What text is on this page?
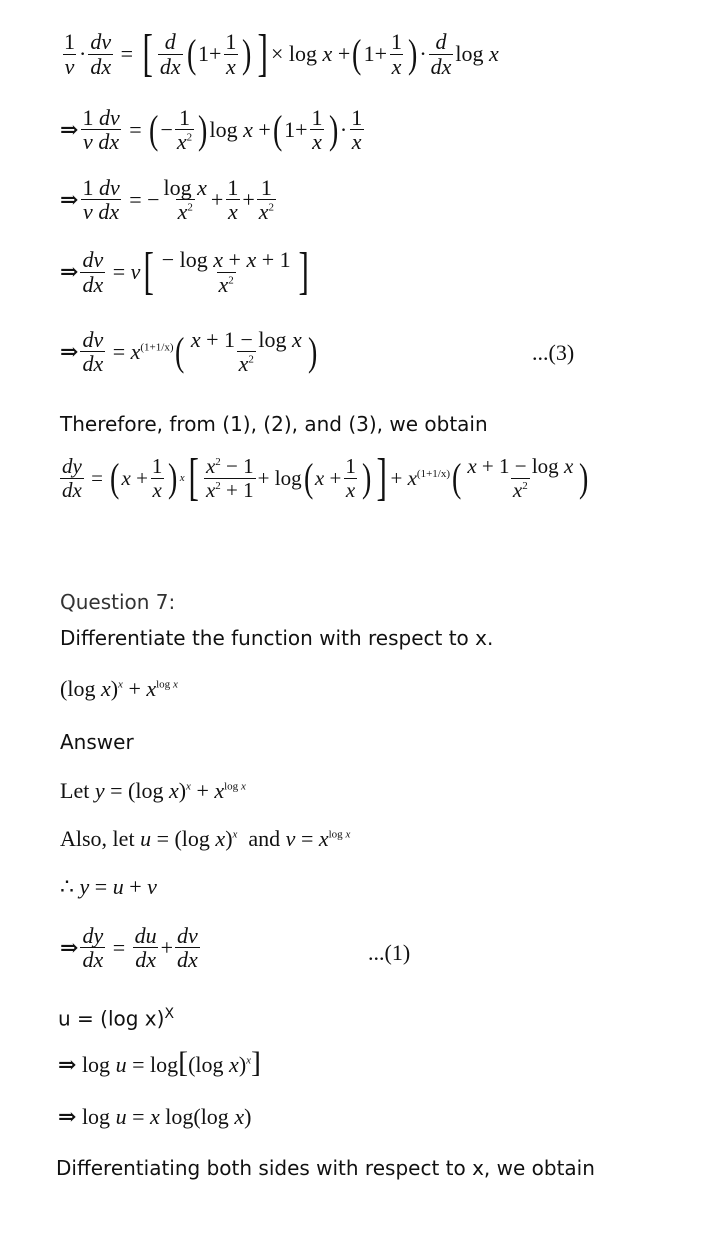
$\frac{1}{v} \cdot \frac{dv}{dx}$ = [ $\frac{d}{dx}$ ( $1+ \frac{1}{x}$ ) ] × log x + ( $1+ \frac{1}{x}$ ) · $\frac{d}{dx}$ log x
⇒ $\frac{1 dv}{\text{v dx}}$ = ( − $\frac{1}{x^2}$ ) log x + ( $1+ \frac{1}{x}$ ) · $\frac{1}{x}$
⇒ $\frac{1 dv}{\text{v dx}}$ = − $\frac{\text{log x}}{x^2} + \frac{1}{x} + \frac{1}{x^2}$
⇒ $\frac{dv}{dx} = v$ [ $\frac{\text{− log x + x + 1}}{x^2}$ ]
⇒ $\frac{dv}{dx} = x^{(1+1/x)}$ ( $\frac{\text{x + 1 − log x}}{x^2}$ )	...(3)
Therefore, from (1), (2), and (3), we obtain
$\frac{dy}{dx}$ = ( $x + \frac{1}{x}$ ) x [ $\frac{x^2 - 1}{x^2 + 1} + \log$ ( $x + \frac{1}{x}$ ) ] + $x^{(1+1/x)}$ ( $\frac{\text{x + 1 − log x}}{x^2}$ )
Question 7:
Differentiate the function with respect to x.
(log $x)^x + x^{log x}$
Answer
Let y = (log $x)^x + x^{log x}$
Also, let u = (log x)$^x$ and $v = x^{log x}$
∴ y = u + v
⇒ $\frac{dy}{dx} = \frac{du}{dx} + \frac{dv}{dx}$	...(1)
u = (log x)$^X$
⇒ log u = log[(log x)$^x$]
⇒ log u = x log(log x)
Differentiating both sides with respect to x, we obtain
